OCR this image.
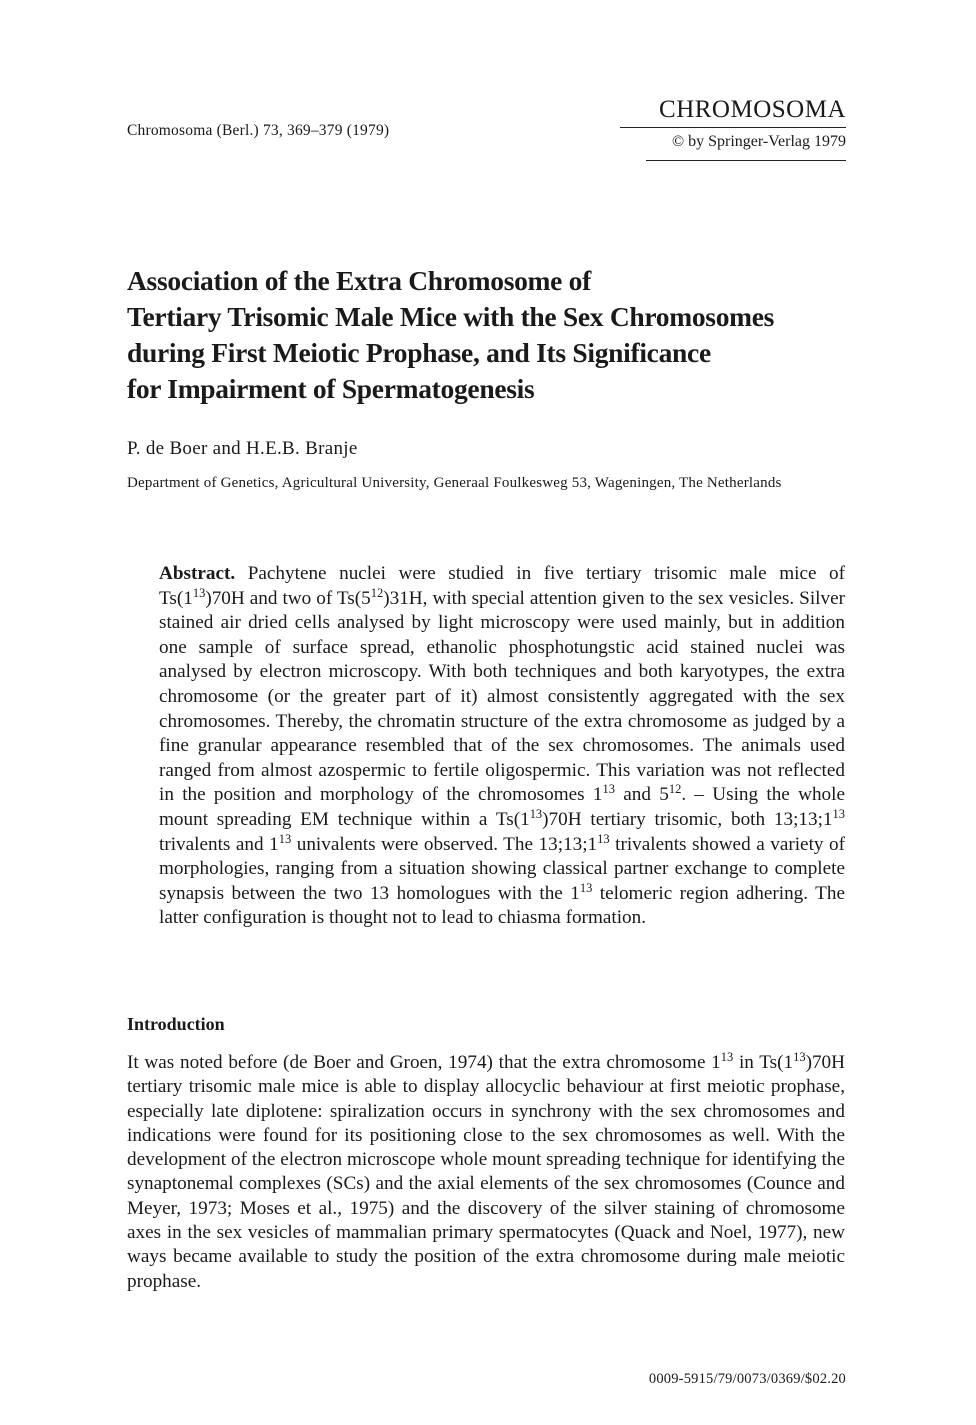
Chromosoma (Berl.) 73, 369–379 (1979)
CHROMOSOMA
© by Springer-Verlag 1979
Association of the Extra Chromosome of
Tertiary Trisomic Male Mice with the Sex Chromosomes
during First Meiotic Prophase, and Its Significance
for Impairment of Spermatogenesis
P. de Boer and H.E.B. Branje
Department of Genetics, Agricultural University, Generaal Foulkesweg 53, Wageningen, The Netherlands
Abstract. Pachytene nuclei were studied in five tertiary trisomic male mice of $Ts(1^{13})70H$ and two of $Ts(5^{12})31H$, with special attention given to the sex vesicles. Silver stained air dried cells analysed by light microscopy were used mainly, but in addition one sample of surface spread, ethanolic phosphotungstic acid stained nuclei was analysed by electron microscopy. With both techniques and both karyotypes, the extra chromosome (or the greater part of it) almost consistently aggregated with the sex chromosomes. Thereby, the chromatin structure of the extra chromosome as judged by a fine granular appearance resembled that of the sex chromosomes. The animals used ranged from almost azospermic to fertile oligospermic. This variation was not reflected in the position and morphology of the chromosomes $1^{13}$ and $5^{12}$. – Using the whole mount spreading EM technique within a $Ts(1^{13})70H$ tertiary trisomic, both $13;13;1^{13}$ trivalents and $1^{13}$ univalents were observed. The $13;13;1^{13}$ trivalents showed a variety of morphologies, ranging from a situation showing classical partner exchange to complete synapsis between the two 13 homologues with the $1^{13}$ telomeric region adhering. The latter configuration is thought not to lead to chiasma formation.
Introduction
It was noted before (de Boer and Groen, 1974) that the extra chromosome $1^{13}$ in $Ts(1^{13})70H$ tertiary trisomic male mice is able to display allocyclic behaviour at first meiotic prophase, especially late diplotene: spiralization occurs in synchrony with the sex chromosomes and indications were found for its positioning close to the sex chromosomes as well. With the development of the electron microscope whole mount spreading technique for identifying the synaptonemal complexes (SCs) and the axial elements of the sex chromosomes (Counce and Meyer, 1973; Moses et al., 1975) and the discovery of the silver staining of chromosome axes in the sex vesicles of mammalian primary spermatocytes (Quack and Noel, 1977), new ways became available to study the position of the extra chromosome during male meiotic prophase.
0009-5915/79/0073/0369/$02.20
